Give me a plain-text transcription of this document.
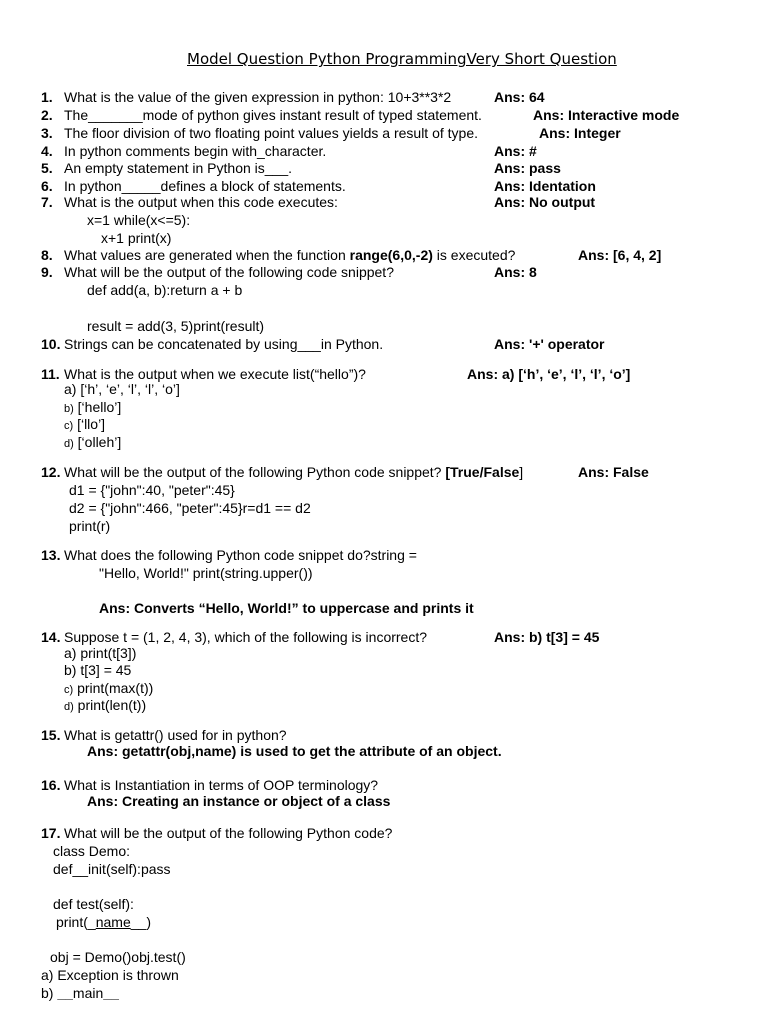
Model Question Python ProgrammingVery Short Question
1. What is the value of the given expression in python: 10+3**3*2	Ans: 64
2. The_______mode of python gives instant result of typed statement.	Ans: Interactive mode
3. The floor division of two floating point values yields a result of type.	Ans: Integer
4. In python comments begin with_character.	Ans: #
5. An empty statement in Python is___.	Ans: pass
6. In python_____defines a block of statements.	Ans: Identation
7. What is the output when this code executes:	Ans: No output
x=1 while(x<=5):
x+1 print(x)
8. What values are generated when the function range(6,0,-2) is executed?	Ans: [6, 4, 2]
9. What will be the output of the following code snippet?	Ans: 8
def add(a, b):return a + b
result = add(3, 5)print(result)
10. Strings can be concatenated by using___in Python.	Ans: '+' operator
11. What is the output when we execute list(“hello”)?	Ans: a) [‘h’, ‘e’, ‘l’, ‘l’, ‘o’]
a) [‘h’, ‘e’, ‘l’, ‘l’, ‘o’]
b) [‘hello’]
c) [‘llo’]
d) [‘olleh’]
12. What will be the output of the following Python code snippet? [True/False]	Ans: False
d1 = {"john":40, "peter":45}
d2 = {"john":466, "peter":45}r=d1 == d2
print(r)
13. What does the following Python code snippet do?string =
"Hello, World!" print(string.upper())
Ans: Converts “Hello, World!” to uppercase and prints it
14. Suppose t = (1, 2, 4, 3), which of the following is incorrect?	Ans: b) t[3] = 45
a) print(t[3])
b) t[3] = 45
c) print(max(t))
d) print(len(t))
15. What is getattr() used for in python?
Ans: getattr(obj,name) is used to get the attribute of an object.
16. What is Instantiation in terms of OOP terminology?
Ans: Creating an instance or object of a class
17. What will be the output of the following Python code?
class Demo:
def__init(self):pass
def test(self):
print(_name__)
obj = Demo()obj.test()
a) Exception is thrown
b) __main__
